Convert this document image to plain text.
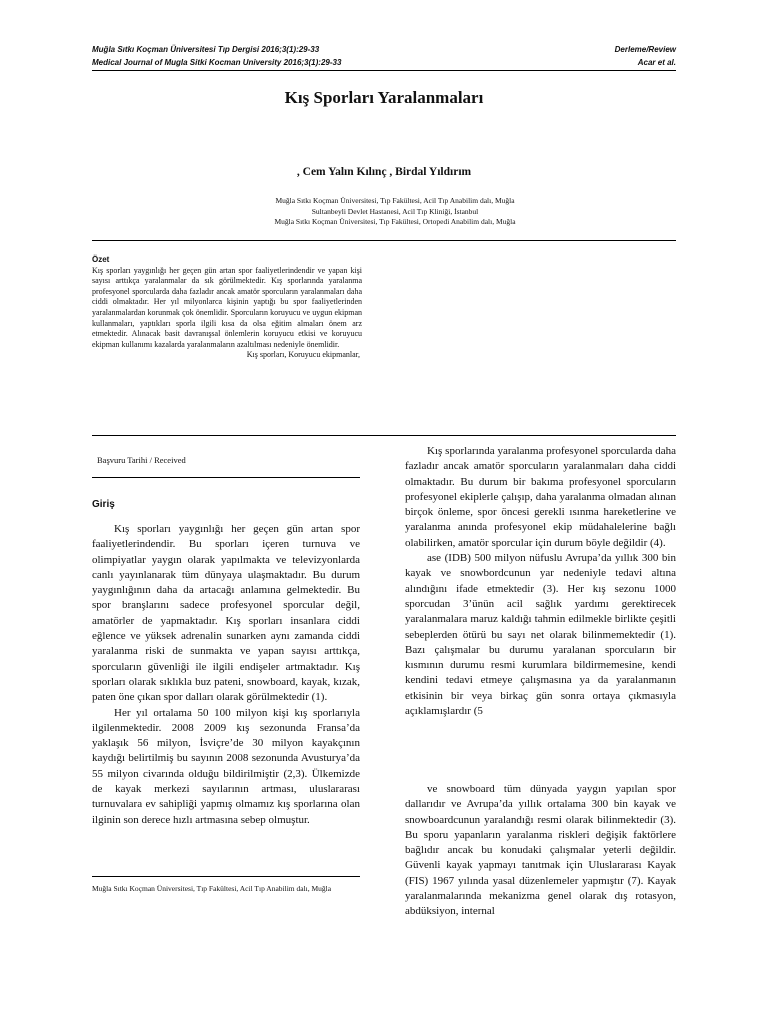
Muğla Sıtkı Koçman Üniversitesi Tıp Dergisi 2016;3(1):29-33
Medical Journal of Mugla Sitki Kocman University 2016;3(1):29-33
Derleme/Review
Acar et al.
Kış Sporları Yaralanmaları
, Cem Yalın Kılınç , Birdal Yıldırım
Muğla Sıtkı Koçman Üniversitesi, Tıp Fakültesi, Acil Tıp Anabilim dalı, Muğla
Sultanbeyli Devlet Hastanesi, Acil Tıp Kliniği, İstanbul
Muğla Sıtkı Koçman Üniversitesi, Tıp Fakültesi, Ortopedi Anabilim dalı, Muğla
Özet
Kış sporları yaygınlığı her geçen gün artan spor faaliyetlerindendir ve yapan kişi sayısı arttıkça yaralanmalar da sık görülmektedir. Kış sporlarında yaralanma profesyonel sporcularda daha fazladır ancak amatör sporcuların yaralanmaları daha ciddi olmaktadır. Her yıl milyonlarca kişinin yaptığı bu spor faaliyetlerinden yaralanmalardan korunmak çok önemlidir. Sporcuların koruyucu ve uygun ekipman kullanmaları, yaptıkları sporla ilgili kısa da olsa eğitim almaları önem arz etmektedir. Alınacak basit davranışsal önlemlerin koruyucu etkisi ve koruyucu ekipman kullanımı kazalarda yaralanmaların azaltılması nedeniyle önemlidir.
Kış sporları, Koruyucu ekipmanlar,
Başvuru Tarihi / Received
Giriş

Kış sporları yaygınlığı her geçen gün artan spor faaliyetlerindendir. Bu sporları içeren turnuva ve olimpiyatlar yaygın olarak yapılmakta ve televizyonlarda canlı yayınlanarak tüm dünyaya ulaşmaktadır. Bu durum yaygınlığının daha da artacağı anlamına gelmektedir. Bu spor branşlarını sadece profesyonel sporcular değil, amatörler de yapmaktadır. Kış sporları insanlara ciddi eğlence ve yüksek adrenalin sunarken aynı zamanda ciddi yaralanma riski de sunmakta ve yapan sayısı arttıkça, sporcuların güvenliği ile ilgili endişeler artmaktadır. Kış sporları olarak sıklıkla buz pateni, snowboard, kayak, kızak, paten öne çıkan spor dalları olarak görülmektedir (1).

Her yıl ortalama 50 100 milyon kişi kış sporlarıyla ilgilenmektedir. 2008 2009 kış sezonunda Fransa’da yaklaşık 56 milyon, İsviçre’de 30 milyon kayakçının kaydığı belirtilmiş bu sayının 2008 sezonunda Avusturya’da 55 milyon civarında olduğu bildirilmiştir (2,3). Ülkemizde de kayak merkezi sayılarının artması, uluslararası turnuvalara ev sahipliği yapmış olmamız kış sporlarına olan ilginin son derece hızlı artmasına sebep olmuştur.

Muğla Sıtkı Koçman Üniversitesi, Tıp Fakültesi, Acil Tıp Anabilim dalı, Muğla

Kış sporlarında yaralanma profesyonel sporcularda daha fazladır ancak amatör sporcuların yaralanmaları daha ciddi olmaktadır. Bu durum bir bakıma profesyonel sporcuların profesyonel ekiplerle çalışıp, daha yaralanma olmadan alınan birçok önleme, spor öncesi gerekli ısınma hareketlerine ve yaralanma anında profesyonel ekip müdahalelerine bağlı olabilirken, amatör sporcular için durum böyle değildir (4).

ase (IDB) 500 milyon nüfuslu Avrupa’da yıllık 300 bin kayak ve snowbordcunun yar nedeniyle tedavi altına alındığını ifade etmektedir (3). Her kış sezonu 1000 sporcudan 3’ünün acil sağlık yardımı gerektirecek yaralanmalara maruz kaldığı tahmin edilmekle birlikte çeşitli sebeplerden ötürü bu sayı net olarak bilinmemektedir (1). Bazı çalışmalar bu durumu yaralanan sporcuların bir kısmının durumu resmi kurumlara bildirmemesine, kendi kendini tedavi etmeye çalışmasına ya da yaralanmanın etkisinin bir veya birkaç gün sonra ortaya çıkmasıyla açıklamışlardır (5

ve snowboard tüm dünyada yaygın yapılan spor dallarıdır ve Avrupa’da yıllık ortalama 300 bin kayak ve snowboardcunun yaralandığı resmi olarak bilinmektedir (3). Bu sporu yapanların yaralanma riskleri değişik faktörlere bağlıdır ancak bu konudaki çalışmalar yeterli değildir. Güvenli kayak yapmayı tanıtmak için Uluslararası Kayak (FIS) 1967 yılında yasal düzenlemeler yapmıştır (7). Kayak yaralanmalarında mekanizma genel olarak dış rotasyon, abdüksiyon, internal
